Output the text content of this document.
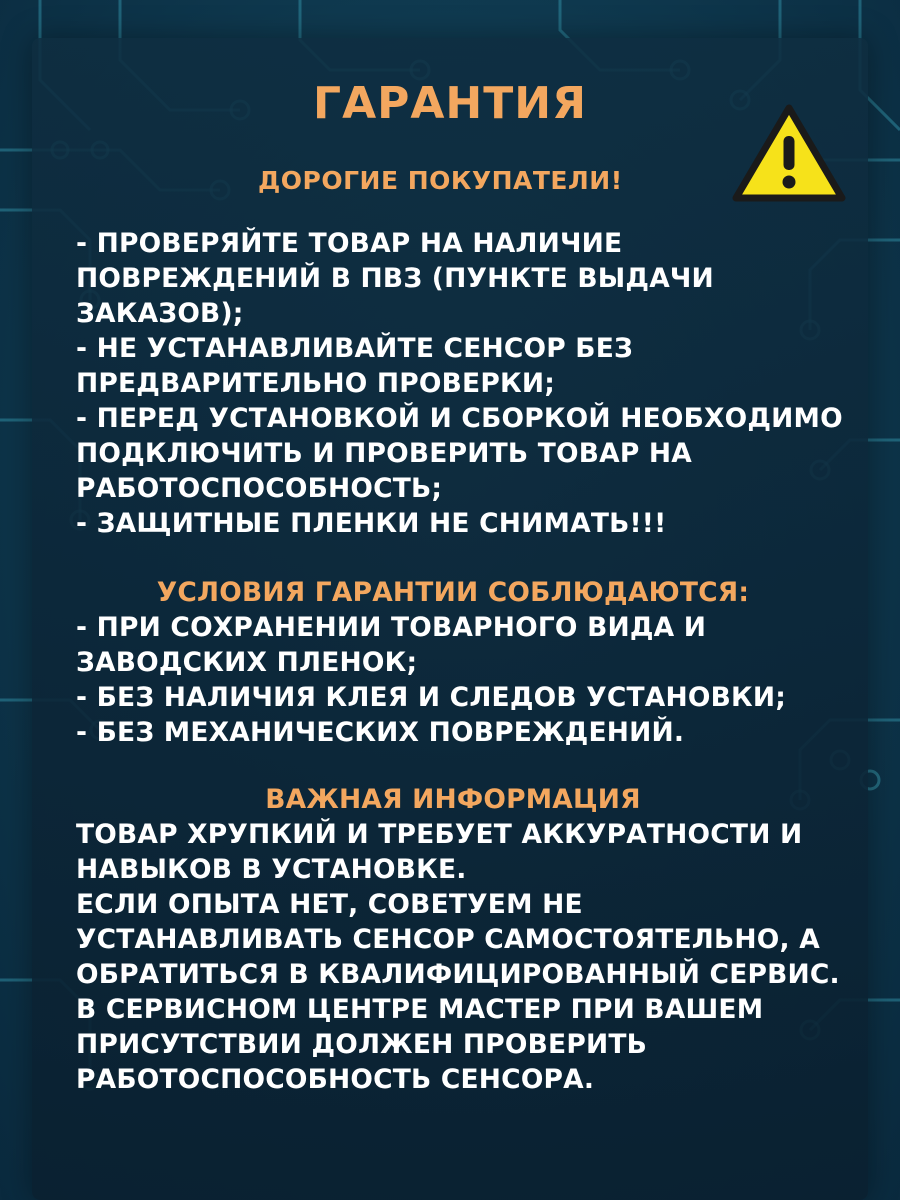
ГАРАНТИЯ
ДОРОГИЕ ПОКУПАТЕЛИ!

- ПРОВЕРЯЙТЕ ТОВАР НА НАЛИЧИЕ ПОВРЕЖДЕНИЙ В ПВЗ (ПУНКТЕ ВЫДАЧИ ЗАКАЗОВ);

- НЕ УСТАНАВЛИВАЙТЕ СЕНСОР БЕЗ ПРЕДВАРИТЕЛЬНО ПРОВЕРКИ;

- ПЕРЕД УСТАНОВКОЙ И СБОРКОЙ НЕОБХОДИМО ПОДКЛЮЧИТЬ И ПРОВЕРИТЬ ТОВАР НА РАБОТОСПОСОБНОСТЬ;

- ЗАЩИТНЫЕ ПЛЕНКИ НЕ СНИМАТЬ!!!

УСЛОВИЯ ГАРАНТИИ СОБЛЮДАЮТСЯ:

- ПРИ СОХРАНЕНИИ ТОВАРНОГО ВИДА И ЗАВОДСКИХ ПЛЕНОК;

- БЕЗ НАЛИЧИЯ КЛЕЯ И СЛЕДОВ УСТАНОВКИ;

- БЕЗ МЕХАНИЧЕСКИХ ПОВРЕЖДЕНИЙ.

ВАЖНАЯ ИНФОРМАЦИЯ

ТОВАР ХРУПКИЙ И ТРЕБУЕТ АККУРАТНОСТИ И НАВЫКОВ В УСТАНОВКЕ.

ЕСЛИ ОПЫТА НЕТ, СОВЕТУЕМ НЕ УСТАНАВЛИВАТЬ СЕНСОР САМОСТОЯТЕЛЬНО, А ОБРАТИТЬСЯ В КВАЛИФИЦИРОВАННЫЙ СЕРВИС.

В СЕРВИСНОМ ЦЕНТРЕ МАСТЕР ПРИ ВАШЕМ ПРИСУТСТВИИ ДОЛЖЕН ПРОВЕРИТЬ РАБОТОСПОСОБНОСТЬ СЕНСОРА.
